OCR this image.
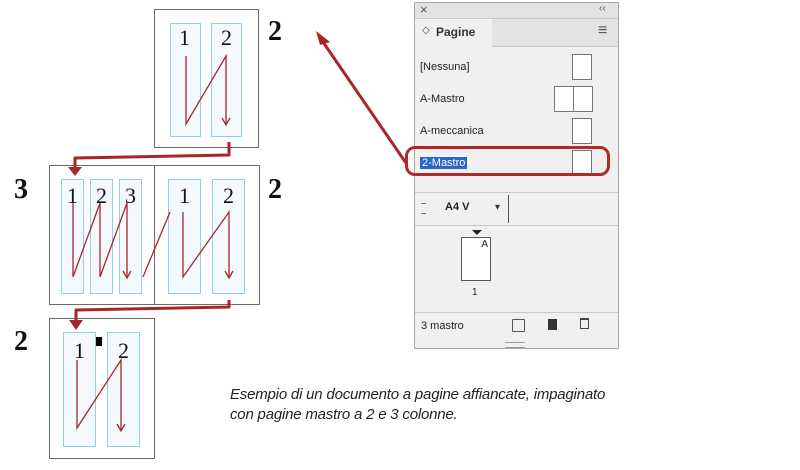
1 2 2
1 2 3 1 2
3	2
1 2
2
×	‹‹
◇ Pagine	≡
[Nessuna]
A-Mastro
A-meccanica
2-Mastro
A4 V	▾
A
1
3 mastro
Esempio di un documento a pagine affiancate, impaginato
con pagine mastro a 2 e 3 colonne.
